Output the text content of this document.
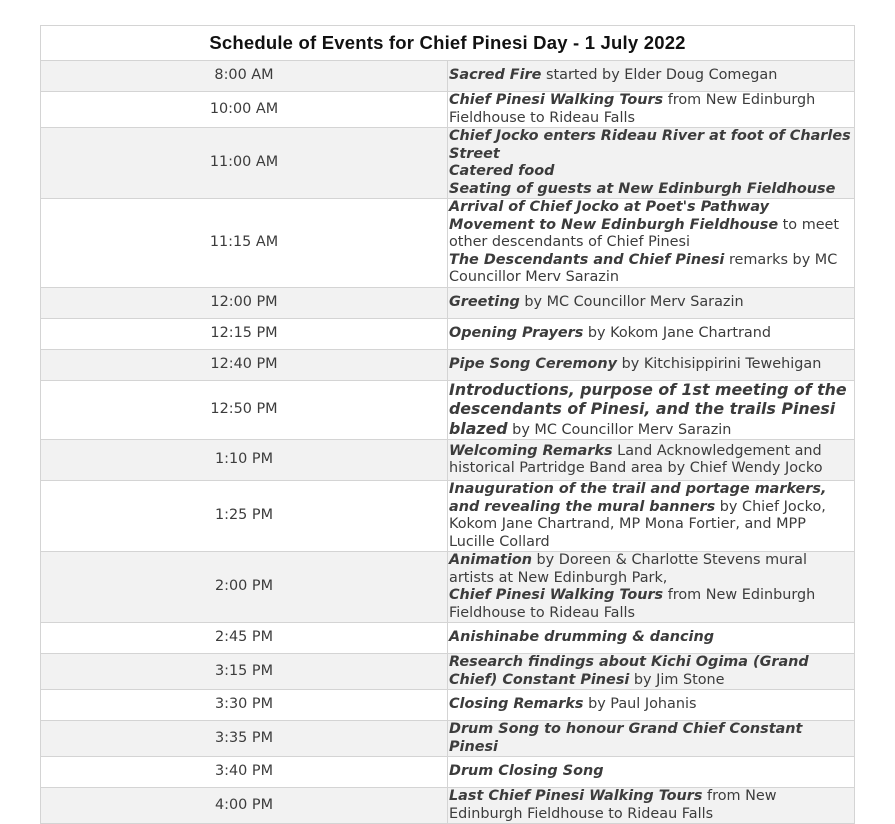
Schedule of Events for Chief Pinesi Day - 1 July 2022	
8:00 AM	Sacred Fire started by Elder Doug Comegan

10:00 AM	Chief Pinesi Walking Tours from New Edinburgh Fieldhouse to Rideau Falls

11:00 AM	Chief Jocko enters Rideau River at foot of Charles Street
Catered food
Seating of guests at New Edinburgh Fieldhouse

11:15 AM	Arrival of Chief Jocko at Poet's Pathway
Movement to New Edinburgh Fieldhouse to meet other descendants of Chief Pinesi
The Descendants and Chief Pinesi remarks by MC Councillor Merv Sarazin

12:00 PM	Greeting by MC Councillor Merv Sarazin

12:15 PM	Opening Prayers by Kokom Jane Chartrand

12:40 PM	Pipe Song Ceremony by Kitchisippirini Tewehigan

12:50 PM	Introductions, purpose of 1st meeting of the descendants of Pinesi, and the trails Pinesi blazed by MC Councillor Merv Sarazin

1:10 PM	Welcoming Remarks Land Acknowledgement and historical Partridge Band area by Chief Wendy Jocko

1:25 PM	Inauguration of the trail and portage markers, and revealing the mural banners by Chief Jocko, Kokom Jane Chartrand, MP Mona Fortier, and MPP Lucille Collard

2:00 PM	Animation by Doreen & Charlotte Stevens mural artists at New Edinburgh Park,
Chief Pinesi Walking Tours from New Edinburgh Fieldhouse to Rideau Falls

2:45 PM	Anishinabe drumming & dancing

3:15 PM	Research findings about Kichi Ogima (Grand Chief) Constant Pinesi by Jim Stone

3:30 PM	Closing Remarks by Paul Johanis

3:35 PM	Drum Song to honour Grand Chief Constant Pinesi

3:40 PM	Drum Closing Song

4:00 PM	Last Chief Pinesi Walking Tours from New Edinburgh Fieldhouse to Rideau Falls
